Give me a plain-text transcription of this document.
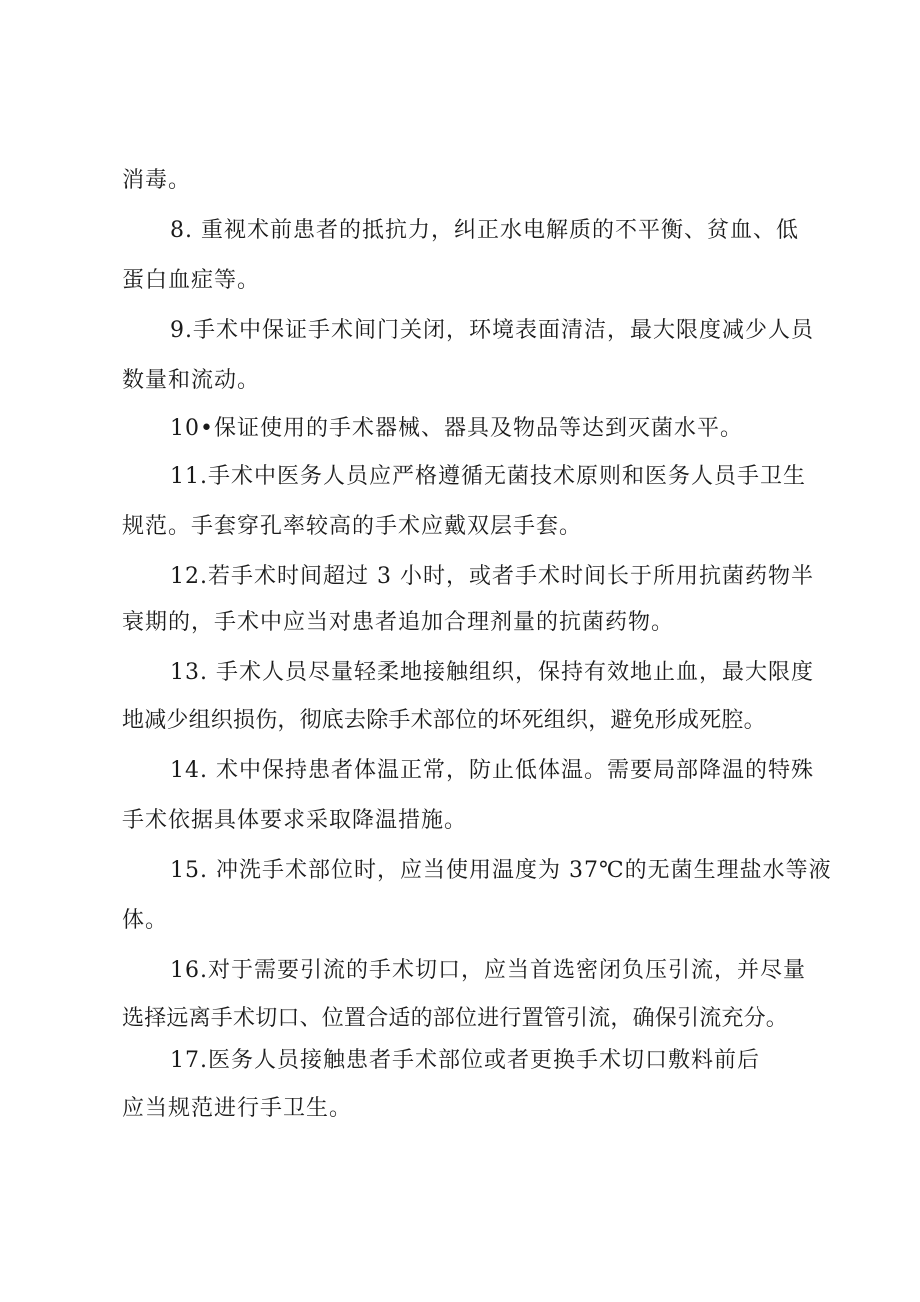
消毒。
8. 重视术前患者的抵抗力，纠正水电解质的不平衡、贫血、低
蛋白血症等。
9.手术中保证手术间门关闭，环境表面清洁，最大限度减少人员
数量和流动。
10•保证使用的手术器械、器具及物品等达到灭菌水平。
11.手术中医务人员应严格遵循无菌技术原则和医务人员手卫生
规范。手套穿孔率较高的手术应戴双层手套。
12.若手术时间超过 3 小时，或者手术时间长于所用抗菌药物半
衰期的，手术中应当对患者追加合理剂量的抗菌药物。
13. 手术人员尽量轻柔地接触组织，保持有效地止血，最大限度
地减少组织损伤，彻底去除手术部位的坏死组织，避免形成死腔。
14. 术中保持患者体温正常，防止低体温。需要局部降温的特殊
手术依据具体要求采取降温措施。
15. 冲洗手术部位时，应当使用温度为 37℃的无菌生理盐水等液
体。
16.对于需要引流的手术切口，应当首选密闭负压引流，并尽量
选择远离手术切口、位置合适的部位进行置管引流，确保引流充分。
17.医务人员接触患者手术部位或者更换手术切口敷料前后
应当规范进行手卫生。
